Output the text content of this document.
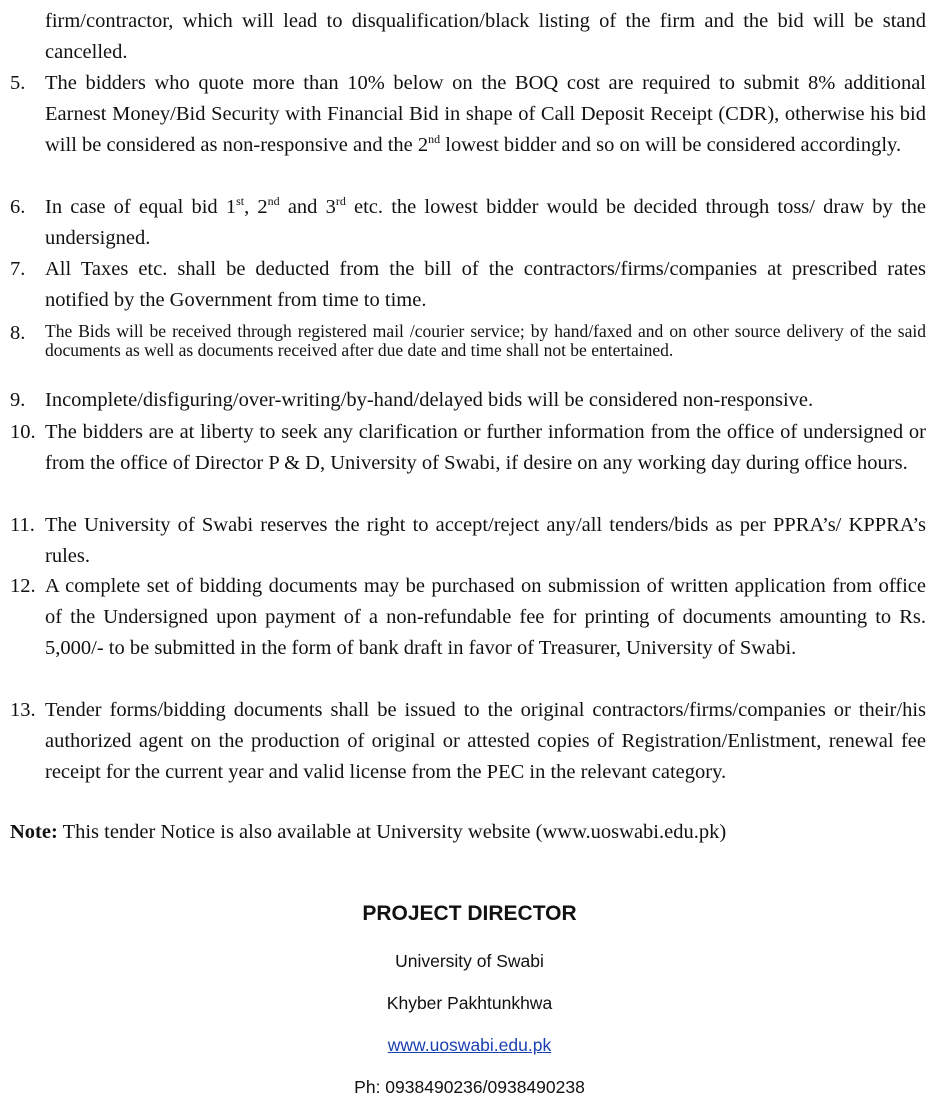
firm/contractor, which will lead to disqualification/black listing of the firm and the bid will be stand cancelled.
5. The bidders who quote more than 10% below on the BOQ cost are required to submit 8% additional Earnest Money/Bid Security with Financial Bid in shape of Call Deposit Receipt (CDR), otherwise his bid will be considered as non-responsive and the 2nd lowest bidder and so on will be considered accordingly.
6. In case of equal bid 1st, 2nd and 3rd etc. the lowest bidder would be decided through toss/ draw by the undersigned.
7. All Taxes etc. shall be deducted from the bill of the contractors/firms/companies at prescribed rates notified by the Government from time to time.
8. The Bids will be received through registered mail /courier service; by hand/faxed and on other source delivery of the said documents as well as documents received after due date and time shall not be entertained.
9. Incomplete/disfiguring/over-writing/by-hand/delayed bids will be considered non-responsive.
10. The bidders are at liberty to seek any clarification or further information from the office of undersigned or from the office of Director P & D, University of Swabi, if desire on any working day during office hours.
11. The University of Swabi reserves the right to accept/reject any/all tenders/bids as per PPRA’s/ KPPRA’s rules.
12. A complete set of bidding documents may be purchased on submission of written application from office of the Undersigned upon payment of a non-refundable fee for printing of documents amounting to Rs. 5,000/- to be submitted in the form of bank draft in favor of Treasurer, University of Swabi.
13. Tender forms/bidding documents shall be issued to the original contractors/firms/companies or their/his authorized agent on the production of original or attested copies of Registration/Enlistment, renewal fee receipt for the current year and valid license from the PEC in the relevant category.
Note: This tender Notice is also available at University website (www.uoswabi.edu.pk)
PROJECT DIRECTOR
University of Swabi
Khyber Pakhtunkhwa
www.uoswabi.edu.pk
Ph: 0938490236/0938490238
